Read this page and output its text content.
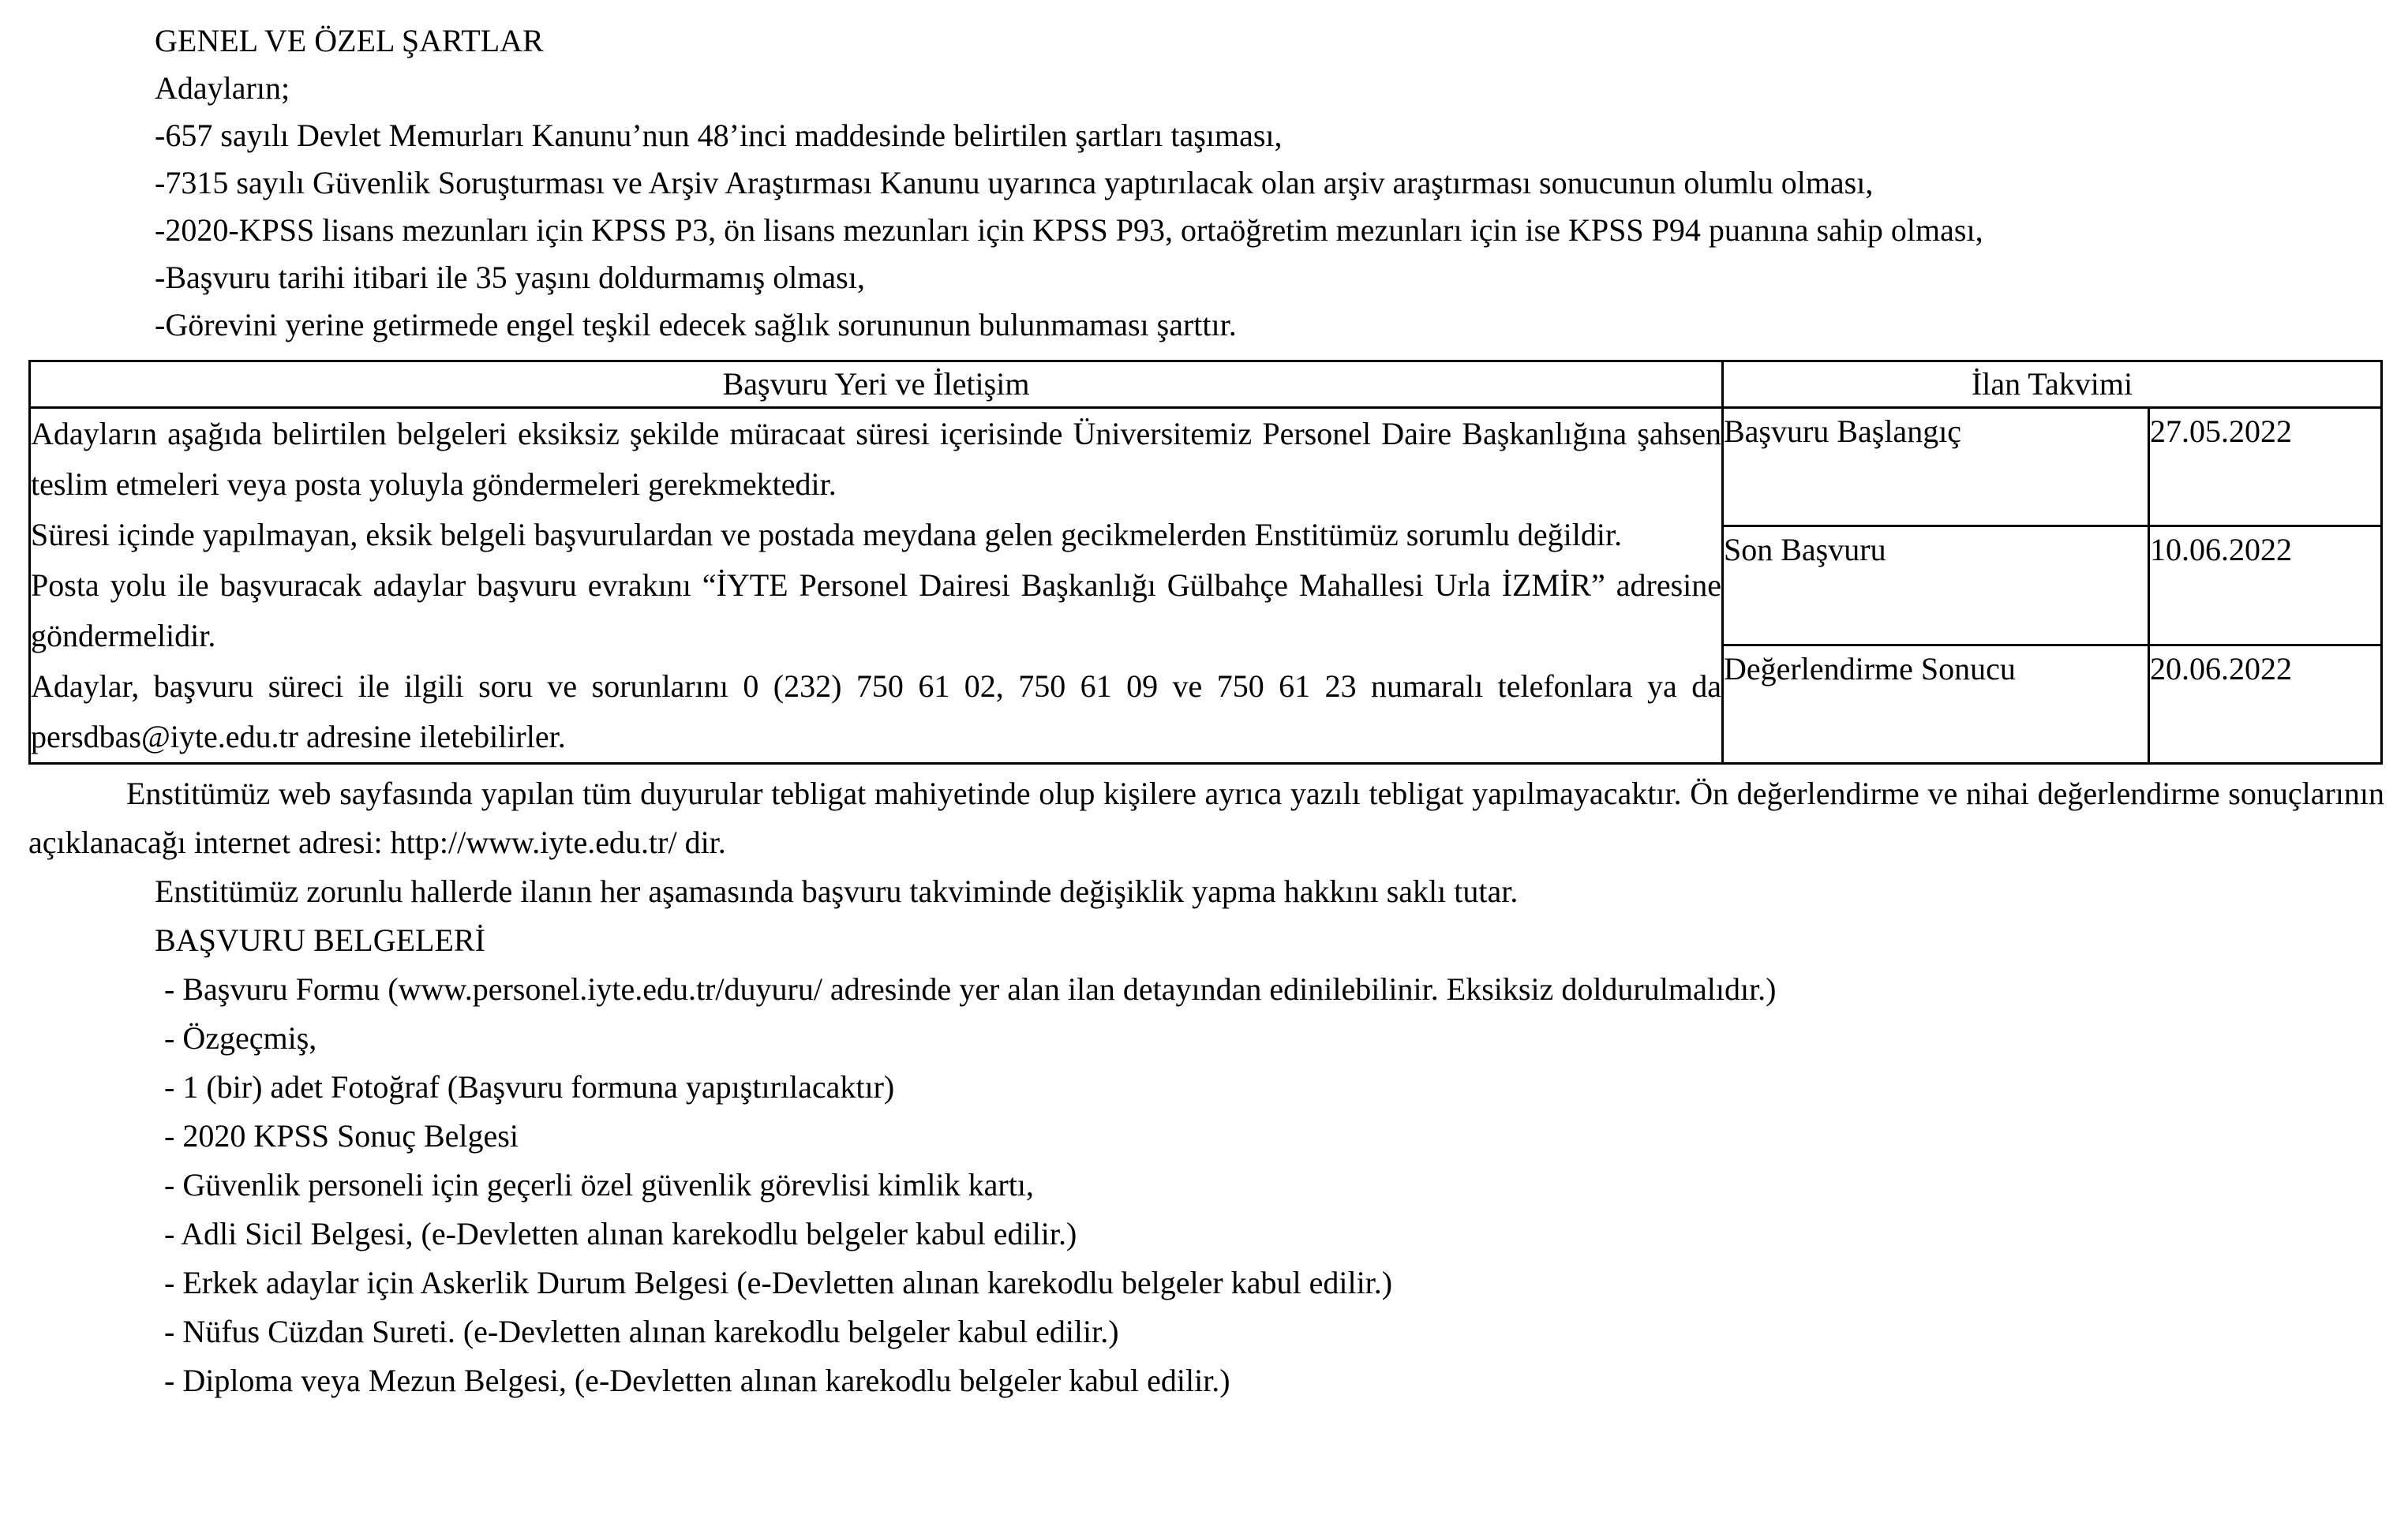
GENEL VE ÖZEL ŞARTLAR
Adayların;
-657 sayılı Devlet Memurları Kanunu’nun 48’inci maddesinde belirtilen şartları taşıması,
-7315 sayılı Güvenlik Soruşturması ve Arşiv Araştırması Kanunu uyarınca yaptırılacak olan arşiv araştırması sonucunun olumlu olması,
-2020-KPSS lisans mezunları için KPSS P3, ön lisans mezunları için KPSS P93, ortaöğretim mezunları için ise KPSS P94 puanına sahip olması,
-Başvuru tarihi itibari ile 35 yaşını doldurmamış olması,
-Görevini yerine getirmede engel teşkil edecek sağlık sorununun bulunmaması şarttır.
Başvuru Yeri ve İletişim	İlan Takvimi	

Adayların aşağıda belirtilen belgeleri eksiksiz şekilde müracaat süresi içerisinde Üniversitemiz Personel Daire Başkanlığına şahsen teslim etmeleri veya posta yoluyla göndermeleri gerekmektedir.

Süresi içinde yapılmayan, eksik belgeli başvurulardan ve postada meydana gelen gecikmelerden Enstitümüz sorumlu değildir.

Posta yolu ile başvuracak adaylar başvuru evrakını “İYTE Personel Dairesi Başkanlığı Gülbahçe Mahallesi Urla İZMİR” adresine göndermelidir.

Adaylar, başvuru süreci ile ilgili soru ve sorunlarını 0 (232) 750 61 02, 750 61 09 ve 750 61 23 numaralı telefonlara ya da persdbas@iyte.edu.tr adresine iletebilirler.	Başvuru Başlangıç	27.05.2022
	Son Başvuru	10.06.2022
	Değerlendirme Sonucu	20.06.2022
Enstitümüz web sayfasında yapılan tüm duyurular tebligat mahiyetinde olup kişilere ayrıca yazılı tebligat yapılmayacaktır. Ön değerlendirme ve nihai değerlendirme sonuçlarının açıklanacağı internet adresi: http://www.iyte.edu.tr/ dir.
Enstitümüz zorunlu hallerde ilanın her aşamasında başvuru takviminde değişiklik yapma hakkını saklı tutar.
BAŞVURU BELGELERİ
- Başvuru Formu (www.personel.iyte.edu.tr/duyuru/ adresinde yer alan ilan detayından edinilebilinir. Eksiksiz doldurulmalıdır.)
- Özgeçmiş,
- 1 (bir) adet Fotoğraf (Başvuru formuna yapıştırılacaktır)
- 2020 KPSS Sonuç Belgesi
- Güvenlik personeli için geçerli özel güvenlik görevlisi kimlik kartı,
- Adli Sicil Belgesi, (e-Devletten alınan karekodlu belgeler kabul edilir.)
- Erkek adaylar için Askerlik Durum Belgesi (e-Devletten alınan karekodlu belgeler kabul edilir.)
- Nüfus Cüzdan Sureti. (e-Devletten alınan karekodlu belgeler kabul edilir.)
- Diploma veya Mezun Belgesi, (e-Devletten alınan karekodlu belgeler kabul edilir.)
